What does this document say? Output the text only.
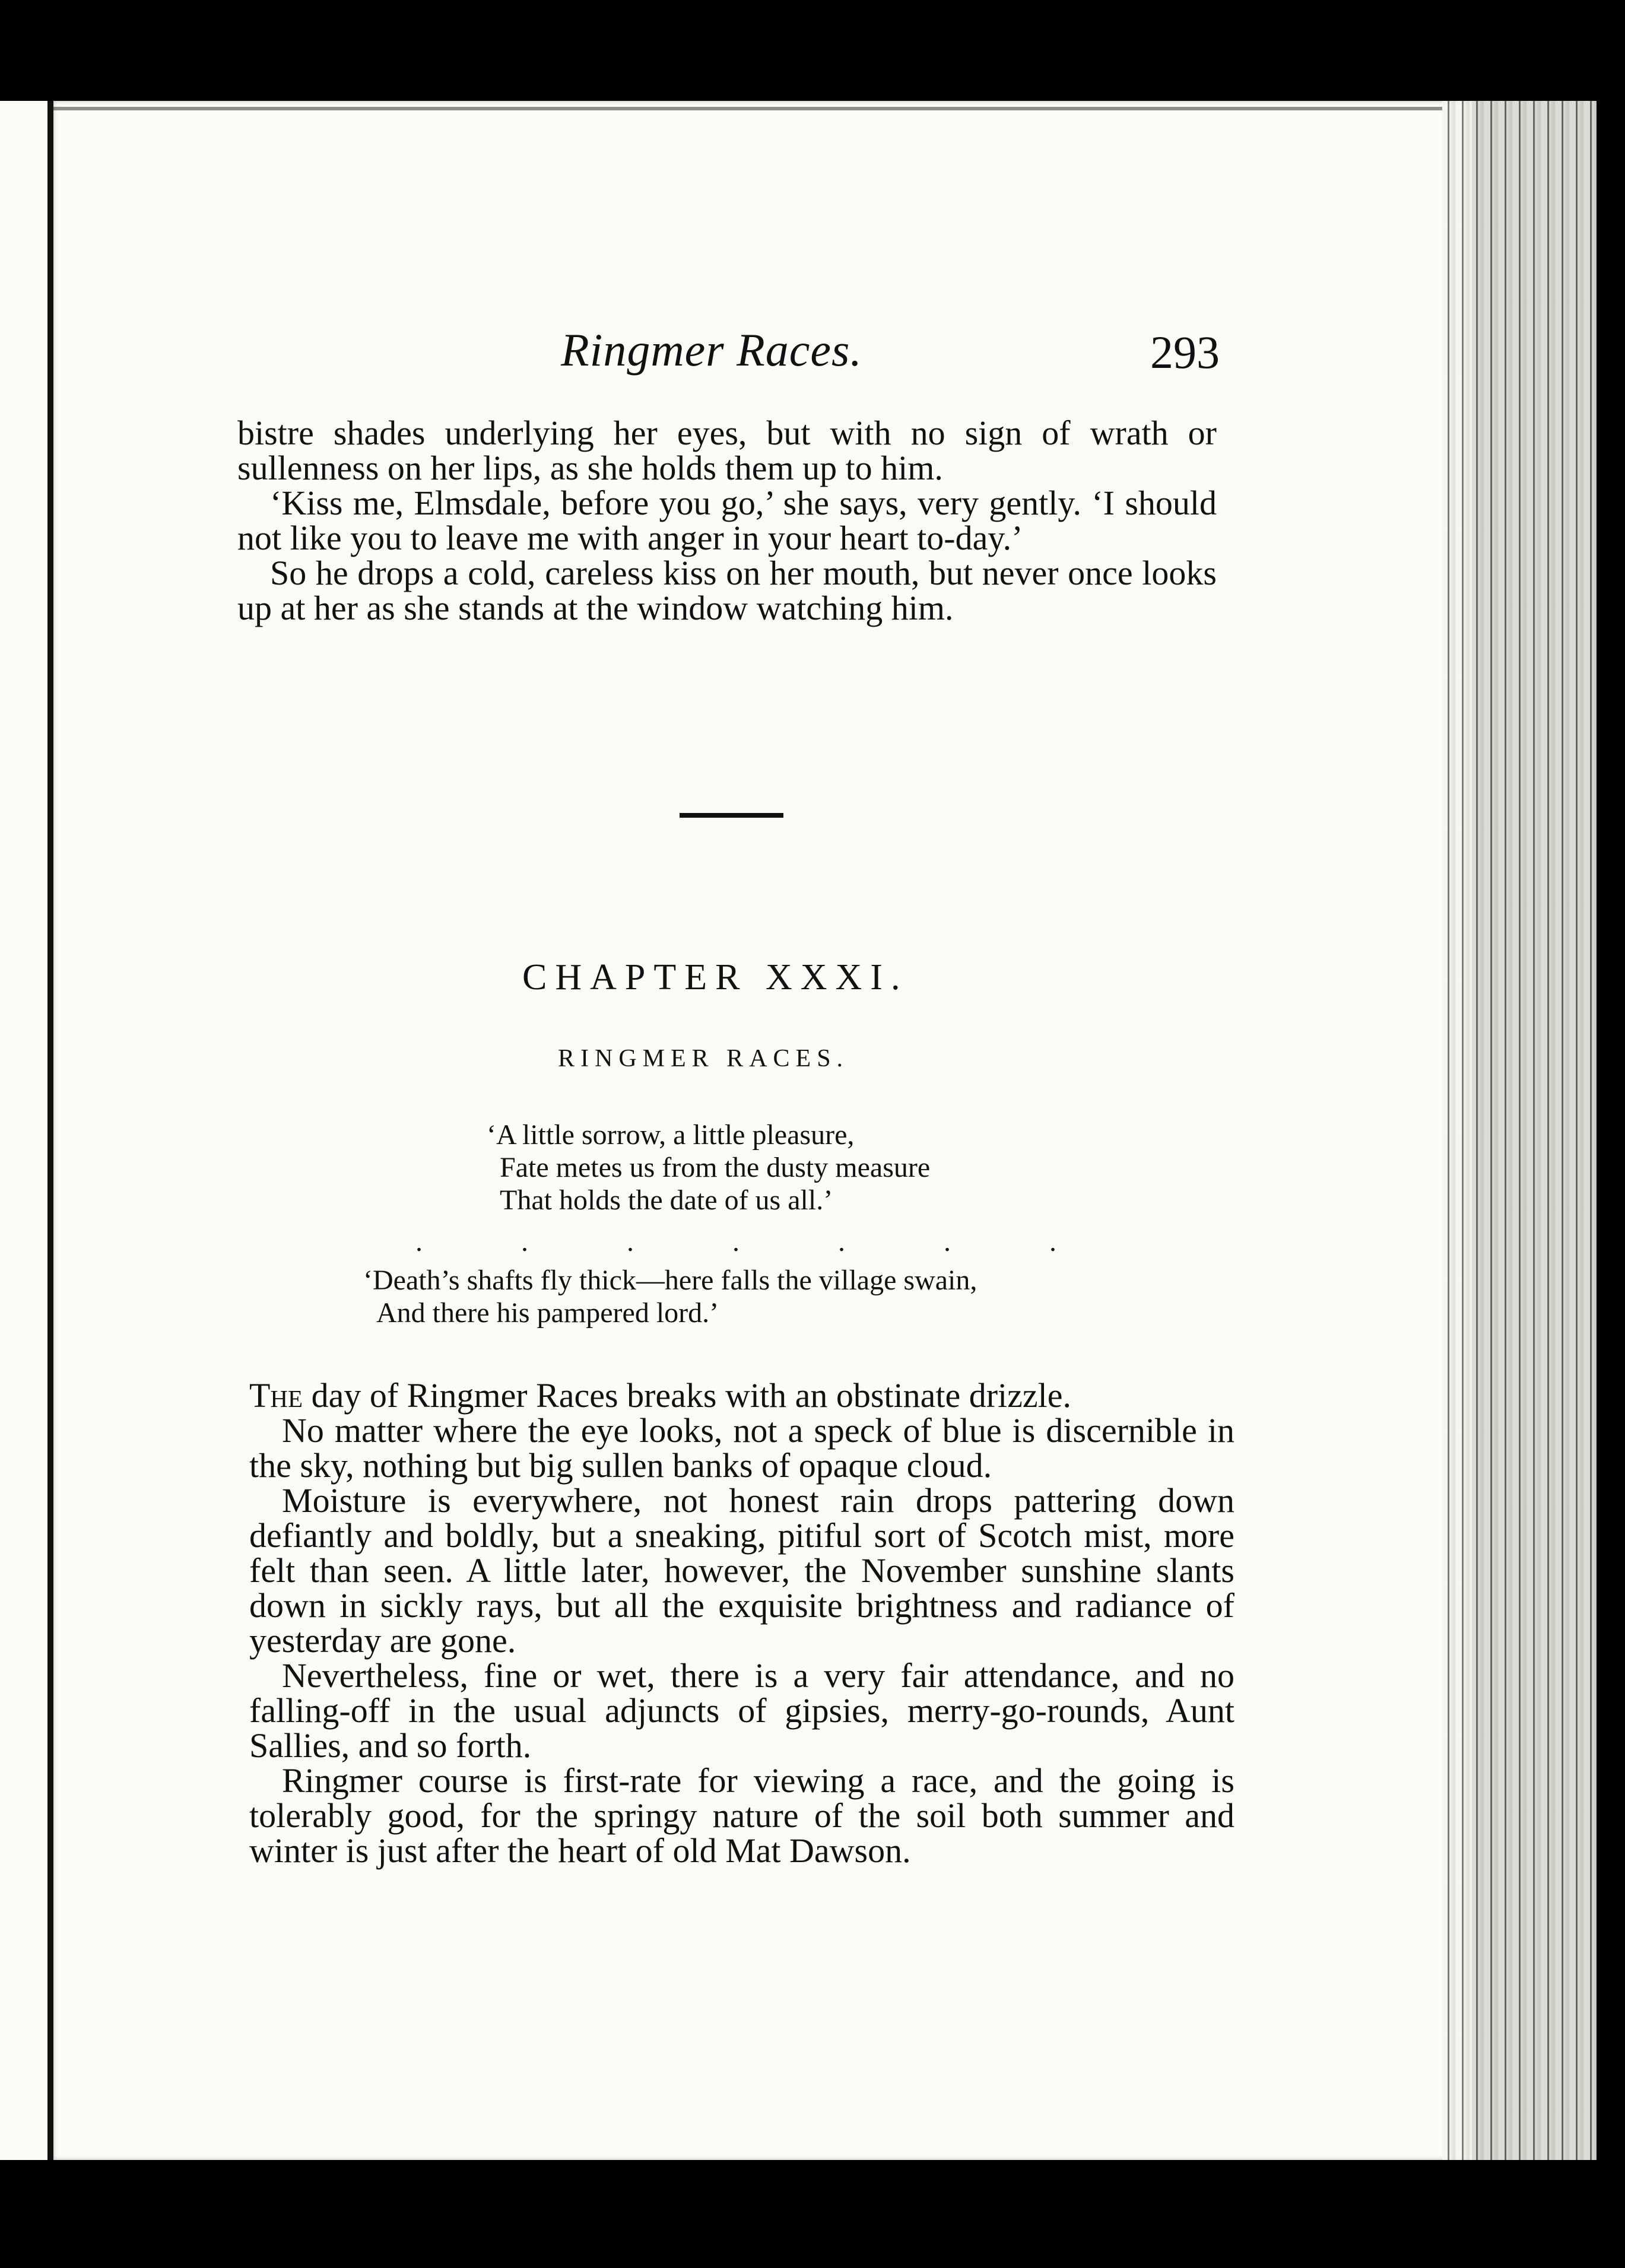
Ringmer Races.	293

bistre shades underlying her eyes, but with no sign of wrath or sullenness on her lips, as she holds them up to him.

‘Kiss me, Elmsdale, before you go,’ she says, very gently. ‘I should not like you to leave me with anger in your heart to-day.’

So he drops a cold, careless kiss on her mouth, but never once looks up at her as she stands at the window watching him.

CHAPTER XXXI.
RINGMER RACES.
‘A little sorrow, a little pleasure,
Fate metes us from the dusty measure
That holds the date of us all.’
.	.	.	.	.	.	.
‘Death’s shafts fly thick—here falls the village swain,
And there his pampered lord.’

The day of Ringmer Races breaks with an obstinate drizzle.

No matter where the eye looks, not a speck of blue is discernible in the sky, nothing but big sullen banks of opaque cloud.

Moisture is everywhere, not honest rain drops pattering down defiantly and boldly, but a sneaking, pitiful sort of Scotch mist, more felt than seen. A little later, however, the November sunshine slants down in sickly rays, but all the exquisite brightness and radiance of yesterday are gone.

Nevertheless, fine or wet, there is a very fair attendance, and no falling-off in the usual adjuncts of gipsies, merry-go-rounds, Aunt Sallies, and so forth.

Ringmer course is first-rate for viewing a race, and the going is tolerably good, for the springy nature of the soil both summer and winter is just after the heart of old Mat Dawson.
